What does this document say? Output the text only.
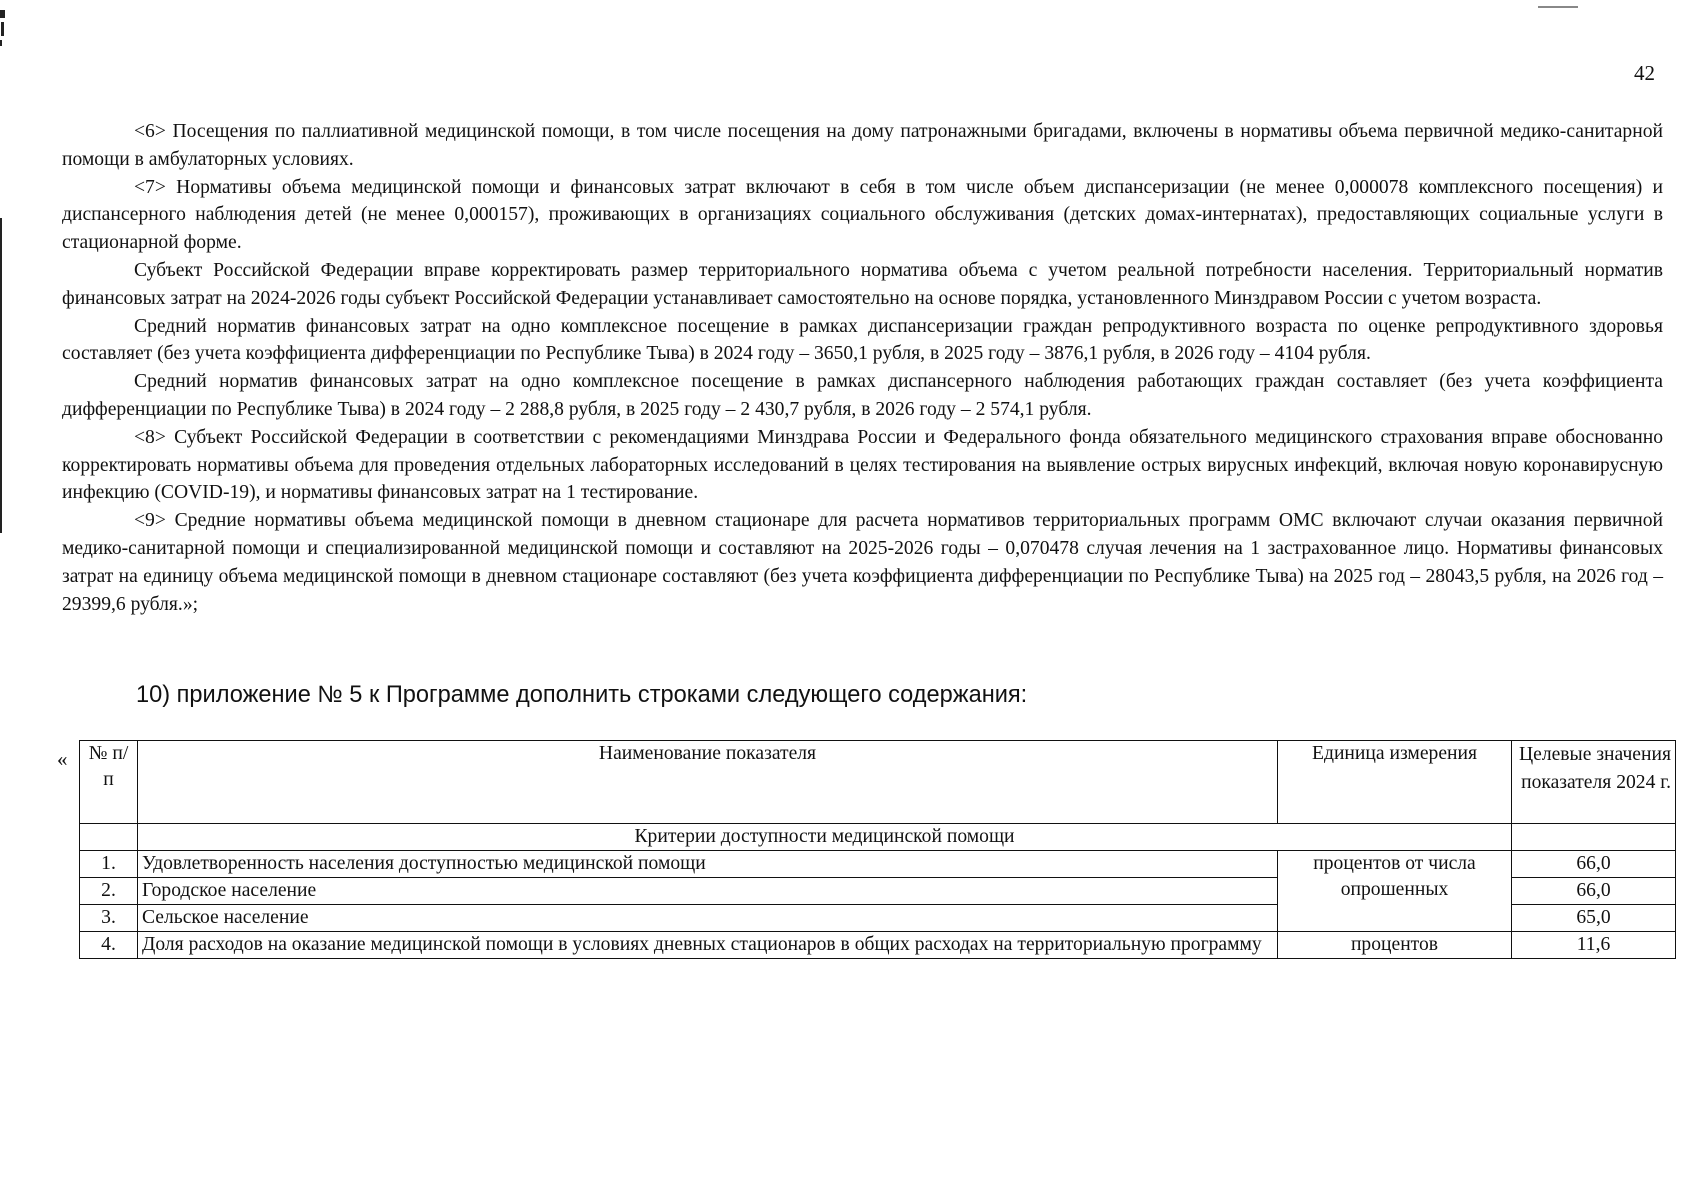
42

<6> Посещения по паллиативной медицинской помощи, в том числе посещения на дому патронажными бригадами, включены в нормативы объема первичной медико-санитарной помощи в амбулаторных условиях.

<7> Нормативы объема медицинской помощи и финансовых затрат включают в себя в том числе объем диспансеризации (не менее 0,000078 комплексного посещения) и диспансерного наблюдения детей (не менее 0,000157), проживающих в организациях социального обслуживания (детских домах-интернатах), предоставляющих социальные услуги в стационарной форме.

Субъект Российской Федерации вправе корректировать размер территориального норматива объема с учетом реальной потребности населения. Территориальный норматив финансовых затрат на 2024-2026 годы субъект Российской Федерации устанавливает самостоятельно на основе порядка, установленного Минздравом России с учетом возраста.

Средний норматив финансовых затрат на одно комплексное посещение в рамках диспансеризации граждан репродуктивного возраста по оценке репродуктивного здоровья составляет (без учета коэффициента дифференциации по Республике Тыва) в 2024 году – 3650,1 рубля, в 2025 году – 3876,1 рубля, в 2026 году – 4104 рубля.

Средний норматив финансовых затрат на одно комплексное посещение в рамках диспансерного наблюдения работающих граждан составляет (без учета коэффициента дифференциации по Республике Тыва) в 2024 году – 2 288,8 рубля, в 2025 году – 2 430,7 рубля, в 2026 году – 2 574,1 рубля.

<8> Субъект Российской Федерации в соответствии с рекомендациями Минздрава России и Федерального фонда обязательного медицинского страхования вправе обоснованно корректировать нормативы объема для проведения отдельных лабораторных исследований в целях тестирования на выявление острых вирусных инфекций, включая новую коронавирусную инфекцию (COVID-19), и нормативы финансовых затрат на 1 тестирование.

<9> Средние нормативы объема медицинской помощи в дневном стационаре для расчета нормативов территориальных программ ОМС включают случаи оказания первичной медико-санитарной помощи и специализированной медицинской помощи и составляют на 2025-2026 годы – 0,070478 случая лечения на 1 застрахованное лицо. Нормативы финансовых затрат на единицу объема медицинской помощи в дневном стационаре составляют (без учета коэффициента дифференциации по Республике Тыва) на 2025 год – 28043,5 рубля, на 2026 год – 29399,6 рубля.»;

10) приложение № 5 к Программе дополнить строками следующего содержания:
« № п/п	Наименование показателя	Единица измерения	Целевые значения показателя 2024 г.
	Критерии доступности медицинской помощи		
1.	Удовлетворенность населения доступностью медицинской помощи	процентов от числа опрошенных	66,0
2.	Городское население		66,0
3.	Сельское население		65,0
4.	Доля расходов на оказание медицинской помощи в условиях дневных стационаров в общих расходах на территориальную программу	процентов	11,6
